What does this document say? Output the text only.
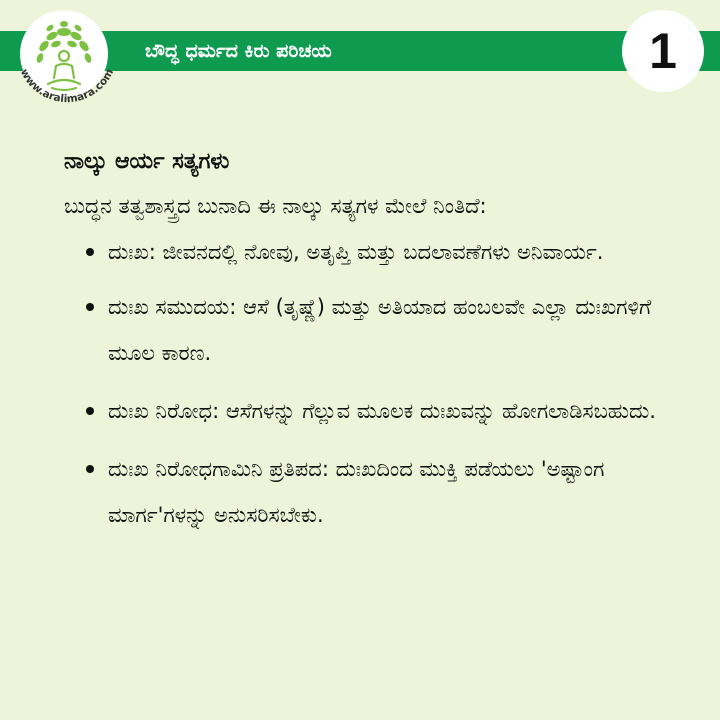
ಬೌದ್ಧ ಧರ್ಮದ ಕಿರು ಪರಿಚಯ
www.aralimara.com	1
ನಾಲ್ಕು ಆರ್ಯ ಸತ್ಯಗಳು

ಬುದ್ಧನ ತತ್ವಶಾಸ್ತ್ರದ ಬುನಾದಿ ಈ ನಾಲ್ಕು ಸತ್ಯಗಳ ಮೇಲೆ ನಿಂತಿದೆ:

ದುಃಖ: ಜೀವನದಲ್ಲಿ ನೋವು, ಅತೃಪ್ತಿ ಮತ್ತು ಬದಲಾವಣೆಗಳು ಅನಿವಾರ್ಯ.
ದುಃಖ ಸಮುದಯ: ಆಸೆ (ತೃಷ್ಣೆ) ಮತ್ತು ಅತಿಯಾದ ಹಂಬಲವೇ ಎಲ್ಲಾ ದುಃಖಗಳಿಗೆ ಮೂಲ ಕಾರಣ.
ದುಃಖ ನಿರೋಧ: ಆಸೆಗಳನ್ನು ಗೆಲ್ಲುವ ಮೂಲಕ ದುಃಖವನ್ನು ಹೋಗಲಾಡಿಸಬಹುದು.
ದುಃಖ ನಿರೋಧಗಾಮಿನಿ ಪ್ರತಿಪದ: ದುಃಖದಿಂದ ಮುಕ್ತಿ ಪಡೆಯಲು 'ಅಷ್ಟಾಂಗ ಮಾರ್ಗ'ಗಳನ್ನು ಅನುಸರಿಸಬೇಕು.
